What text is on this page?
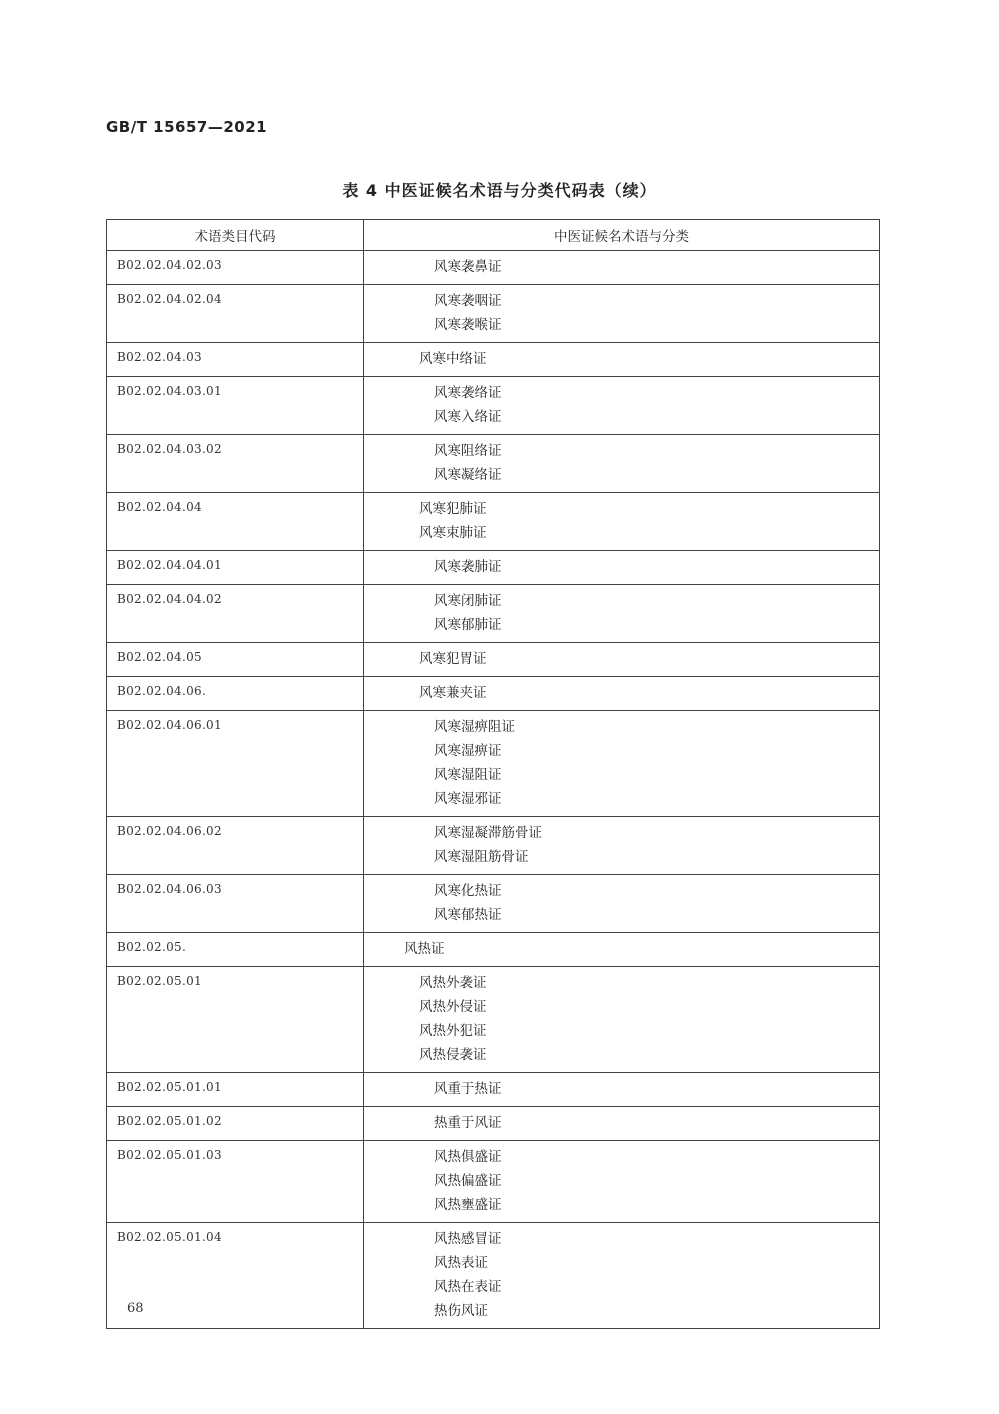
GB/T 15657—2021
表 4 中医证候名术语与分类代码表（续）
术语类目代码	中医证候名术语与分类
B02.02.04.02.03	风寒袭鼻证

B02.02.04.02.04	风寒袭咽证
风寒袭喉证

B02.02.04.03	风寒中络证

B02.02.04.03.01	风寒袭络证
风寒入络证

B02.02.04.03.02	风寒阻络证
风寒凝络证

B02.02.04.04	风寒犯肺证
风寒束肺证

B02.02.04.04.01	风寒袭肺证

B02.02.04.04.02	风寒闭肺证
风寒郁肺证

B02.02.04.05	风寒犯胃证

B02.02.04.06.	风寒兼夹证

B02.02.04.06.01	风寒湿痹阻证
风寒湿痹证
风寒湿阻证
风寒湿邪证

B02.02.04.06.02	风寒湿凝滞筋骨证
风寒湿阻筋骨证

B02.02.04.06.03	风寒化热证
风寒郁热证

B02.02.05.	风热证

B02.02.05.01	风热外袭证
风热外侵证
风热外犯证
风热侵袭证

B02.02.05.01.01	风重于热证

B02.02.05.01.02	热重于风证

B02.02.05.01.03	风热俱盛证
风热偏盛证
风热壅盛证

B02.02.05.01.04	风热感冒证
风热表证
风热在表证
热伤风证
68
